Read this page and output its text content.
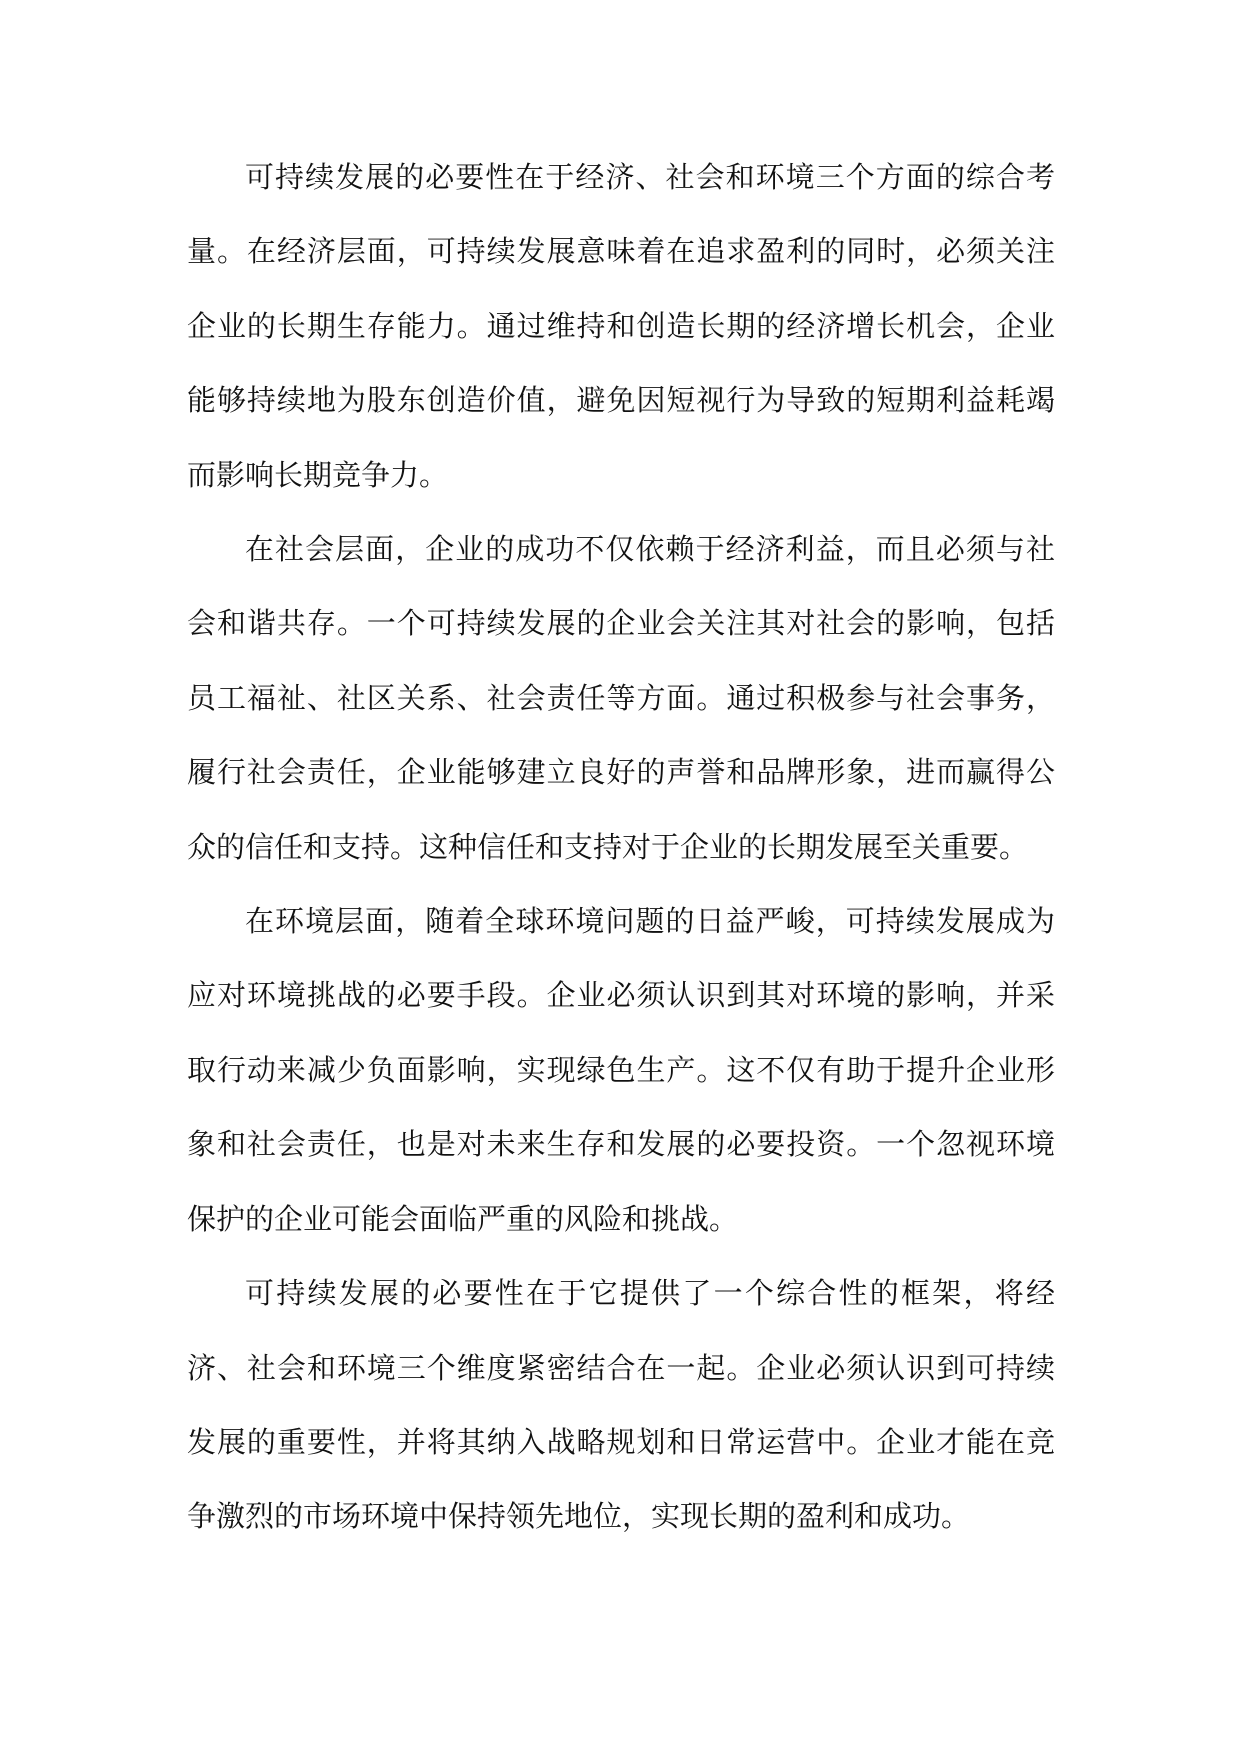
可持续发展的必要性在于经济、社会和环境三个方面的综合考量。在经济层面，可持续发展意味着在追求盈利的同时，必须关注企业的长期生存能力。通过维持和创造长期的经济增长机会，企业能够持续地为股东创造价值，避免因短视行为导致的短期利益耗竭而影响长期竞争力。

在社会层面，企业的成功不仅依赖于经济利益，而且必须与社会和谐共存。一个可持续发展的企业会关注其对社会的影响，包括员工福祉、社区关系、社会责任等方面。通过积极参与社会事务，履行社会责任，企业能够建立良好的声誉和品牌形象，进而赢得公众的信任和支持。这种信任和支持对于企业的长期发展至关重要。

在环境层面，随着全球环境问题的日益严峻，可持续发展成为应对环境挑战的必要手段。企业必须认识到其对环境的影响，并采取行动来减少负面影响，实现绿色生产。这不仅有助于提升企业形象和社会责任，也是对未来生存和发展的必要投资。一个忽视环境保护的企业可能会面临严重的风险和挑战。

可持续发展的必要性在于它提供了一个综合性的框架，将经济、社会和环境三个维度紧密结合在一起。企业必须认识到可持续发展的重要性，并将其纳入战略规划和日常运营中。企业才能在竞争激烈的市场环境中保持领先地位，实现长期的盈利和成功。
